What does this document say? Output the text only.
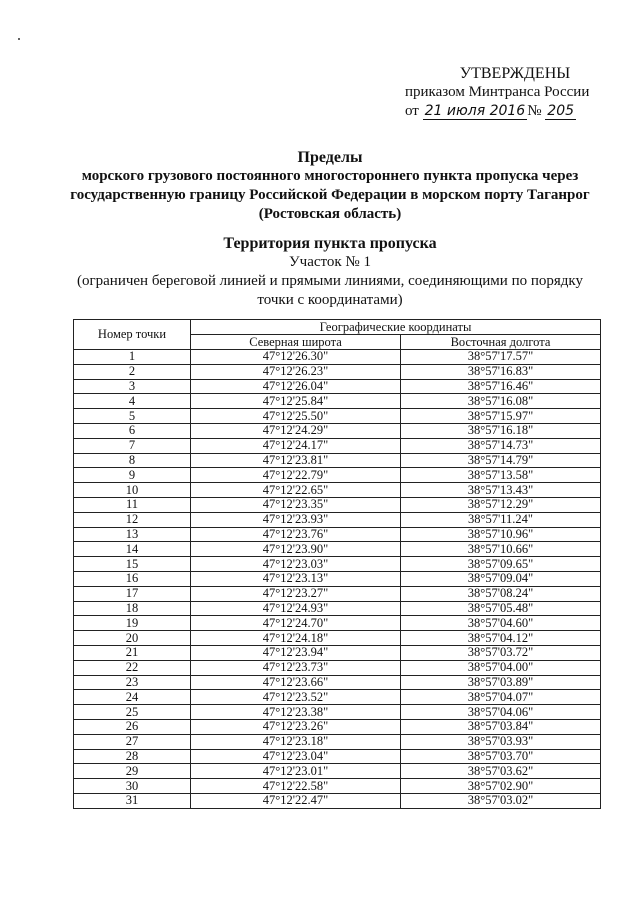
УТВЕРЖДЕНЫ
приказом Минтранса России
от 21 июля 2016 № 205
Пределы
морского грузового постоянного многостороннего пункта пропуска через
государственную границу Российской Федерации в морском порту Таганрог
(Ростовская область)
Территория пункта пропуска
Участок № 1
(ограничен береговой линией и прямыми линиями, соединяющими по порядку
точки с координатами)
Номер точки	Географические координаты	
	Северная широта	Восточная долгота
1	47°12'26.30"	38°57'17.57"
2	47°12'26.23"	38°57'16.83"
3	47°12'26.04"	38°57'16.46"
4	47°12'25.84"	38°57'16.08"
5	47°12'25.50"	38°57'15.97"
6	47°12'24.29"	38°57'16.18"
7	47°12'24.17"	38°57'14.73"
8	47°12'23.81"	38°57'14.79"
9	47°12'22.79"	38°57'13.58"
10	47°12'22.65"	38°57'13.43"
11	47°12'23.35"	38°57'12.29"
12	47°12'23.93"	38°57'11.24"
13	47°12'23.76"	38°57'10.96"
14	47°12'23.90"	38°57'10.66"
15	47°12'23.03"	38°57'09.65"
16	47°12'23.13"	38°57'09.04"
17	47°12'23.27"	38°57'08.24"
18	47°12'24.93"	38°57'05.48"
19	47°12'24.70"	38°57'04.60"
20	47°12'24.18"	38°57'04.12"
21	47°12'23.94"	38°57'03.72"
22	47°12'23.73"	38°57'04.00"
23	47°12'23.66"	38°57'03.89"
24	47°12'23.52"	38°57'04.07"
25	47°12'23.38"	38°57'04.06"
26	47°12'23.26"	38°57'03.84"
27	47°12'23.18"	38°57'03.93"
28	47°12'23.04"	38°57'03.70"
29	47°12'23.01"	38°57'03.62"
30	47°12'22.58"	38°57'02.90"
31	47°12'22.47"	38°57'03.02"
